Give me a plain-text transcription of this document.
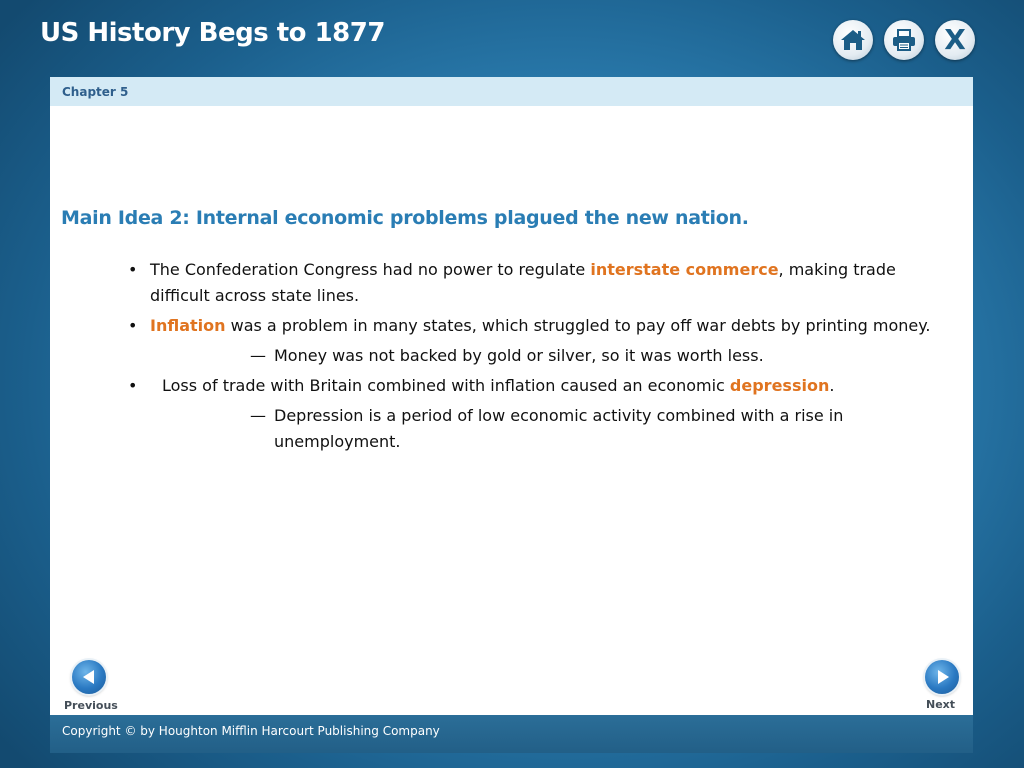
US History Begs to 1877	X
Chapter 5
Main Idea 2: Internal economic problems plagued the new nation.
• The Confederation Congress had no power to regulate interstate commerce, making trade difficult across state lines.
• Inflation was a problem in many states, which struggled to pay off war debts by printing money.
— Money was not backed by gold or silver, so it was worth less.
• Loss of trade with Britain combined with inflation caused an economic depression.
— Depression is a period of low economic activity combined with a rise in unemployment.
Previous	Next
Copyright © by Houghton Mifflin Harcourt Publishing Company
